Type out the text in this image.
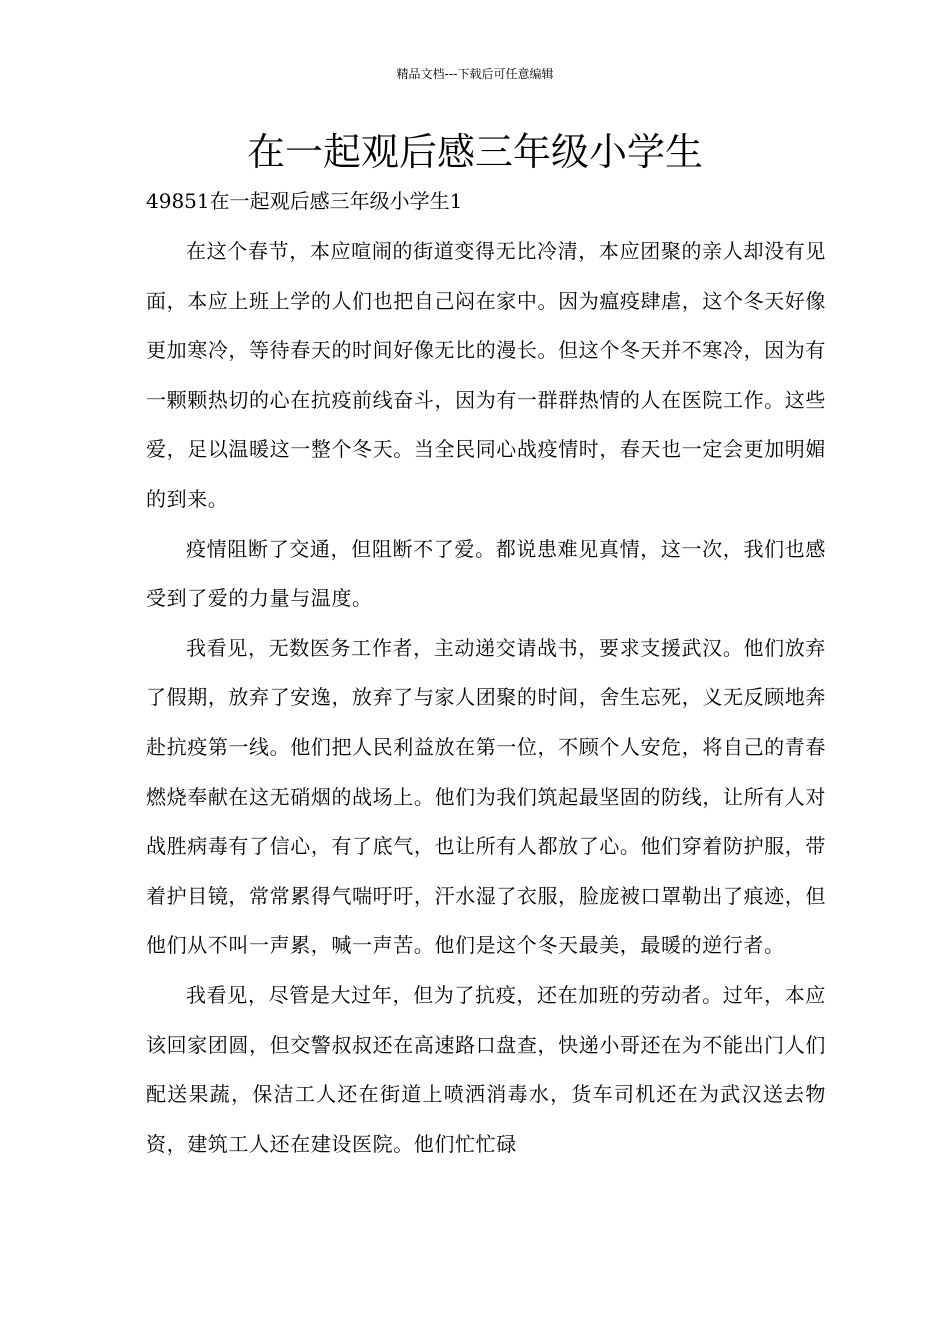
精品文档---下载后可任意编辑
在一起观后感三年级小学生

49851在一起观后感三年级小学生1

在这个春节，本应喧闹的街道变得无比冷清，本应团聚的亲人却没有见面，本应上班上学的人们也把自己闷在家中。因为瘟疫肆虐，这个冬天好像更加寒冷，等待春天的时间好像无比的漫长。但这个冬天并不寒冷，因为有一颗颗热切的心在抗疫前线奋斗，因为有一群群热情的人在医院工作。这些爱，足以温暖这一整个冬天。当全民同心战疫情时，春天也一定会更加明媚的到来。

疫情阻断了交通，但阻断不了爱。都说患难见真情，这一次，我们也感受到了爱的力量与温度。

我看见，无数医务工作者，主动递交请战书，要求支援武汉。他们放弃了假期，放弃了安逸，放弃了与家人团聚的时间，舍生忘死，义无反顾地奔赴抗疫第一线。他们把人民利益放在第一位，不顾个人安危，将自己的青春燃烧奉献在这无硝烟的战场上。他们为我们筑起最坚固的防线，让所有人对战胜病毒有了信心，有了底气，也让所有人都放了心。他们穿着防护服，带着护目镜，常常累得气喘吁吁，汗水湿了衣服，脸庞被口罩勒出了痕迹，但他们从不叫一声累，喊一声苦。他们是这个冬天最美，最暖的逆行者。

我看见，尽管是大过年，但为了抗疫，还在加班的劳动者。过年，本应该回家团圆，但交警叔叔还在高速路口盘查，快递小哥还在为不能出门人们配送果蔬，保洁工人还在街道上喷洒消毒水，货车司机还在为武汉送去物资，建筑工人还在建设医院。他们忙忙碌
